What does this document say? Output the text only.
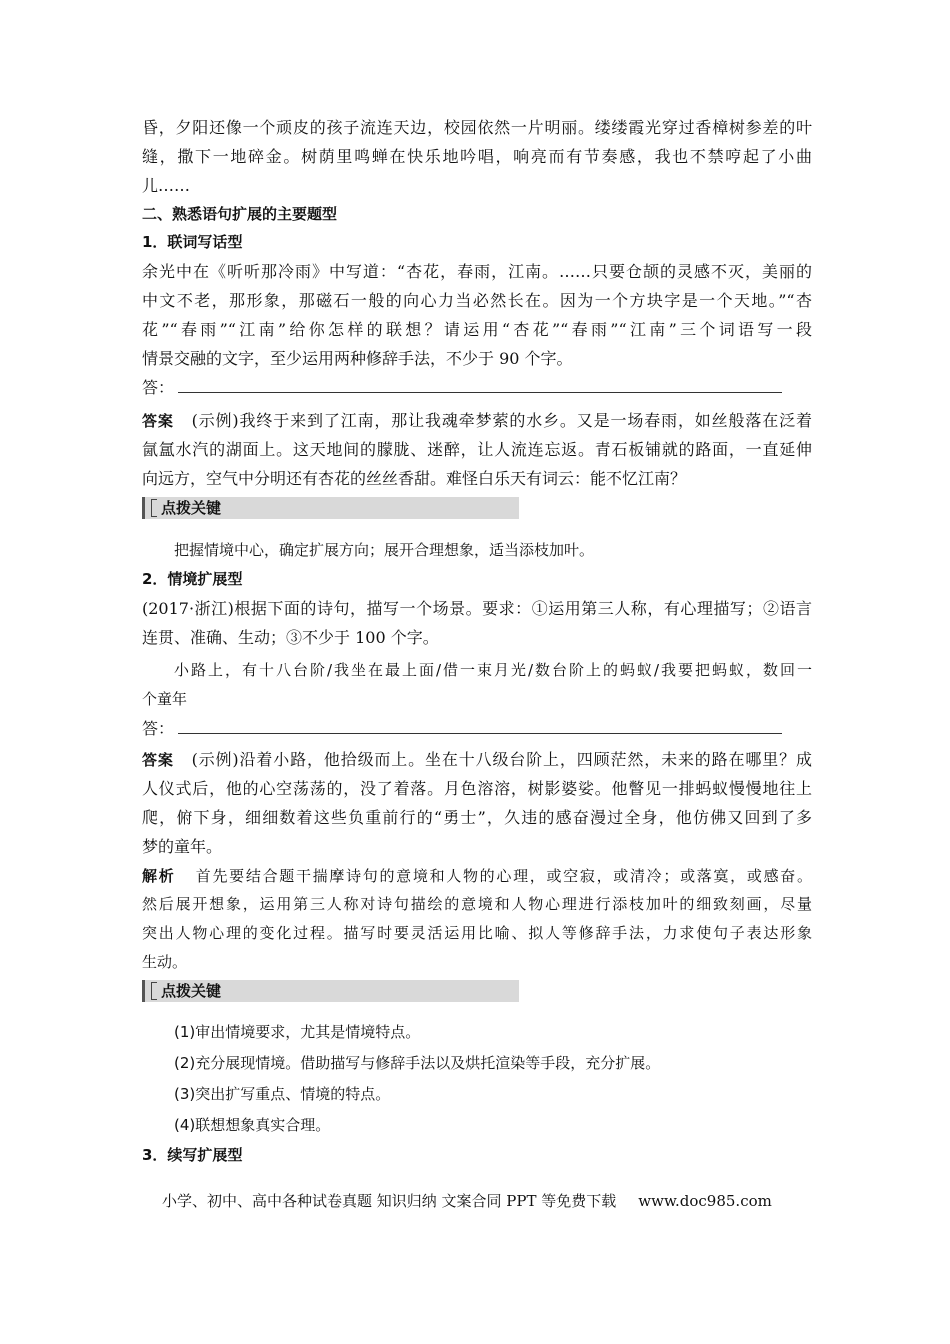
昏，夕阳还像一个顽皮的孩子流连天边，校园依然一片明丽。缕缕霞光穿过香樟树参差的叶
缝，撒下一地碎金。树荫里鸣蝉在快乐地吟唱，响亮而有节奏感，我也不禁哼起了小曲
儿……
二、熟悉语句扩展的主要题型
1．联词写话型
余光中在《听听那冷雨》中写道：“杏花，春雨，江南。……只要仓颉的灵感不灭，美丽的
中文不老，那形象，那磁石一般的向心力当必然长在。因为一个方块字是一个天地。”“杏
花”“春雨”“江南”给你怎样的联想？请运用“杏花”“春雨”“江南”三个词语写一段
情景交融的文字，至少运用两种修辞手法，不少于 90 个字。
答：
答案 (示例)我终于来到了江南，那让我魂牵梦萦的水乡。又是一场春雨，如丝般落在泛着
氤氲水汽的湖面上。这天地间的朦胧、迷醉，让人流连忘返。青石板铺就的路面，一直延伸
向远方，空气中分明还有杏花的丝丝香甜。难怪白乐天有词云：能不忆江南？
点拨关键
把握情境中心，确定扩展方向；展开合理想象，适当添枝加叶。
2．情境扩展型
(2017·浙江)根据下面的诗句，描写一个场景。要求：①运用第三人称，有心理描写；②语言
连贯、准确、生动；③不少于 100 个字。
小路上，有十八台阶/我坐在最上面/借一束月光/数台阶上的蚂蚁/我要把蚂蚁，数回一
个童年
答：
答案 (示例)沿着小路，他拾级而上。坐在十八级台阶上，四顾茫然，未来的路在哪里？成
人仪式后，他的心空荡荡的，没了着落。月色溶溶，树影婆娑。他瞥见一排蚂蚁慢慢地往上
爬，俯下身，细细数着这些负重前行的“勇士”，久违的感奋漫过全身，他仿佛又回到了多
梦的童年。
解析 首先要结合题干揣摩诗句的意境和人物的心理，或空寂，或清冷；或落寞，或感奋。
然后展开想象，运用第三人称对诗句描绘的意境和人物心理进行添枝加叶的细致刻画，尽量
突出人物心理的变化过程。描写时要灵活运用比喻、拟人等修辞手法，力求使句子表达形象
生动。
点拨关键
(1)审出情境要求，尤其是情境特点。
(2)充分展现情境。借助描写与修辞手法以及烘托渲染等手段，充分扩展。
(3)突出扩写重点、情境的特点。
(4)联想想象真实合理。
3．续写扩展型
小学、初中、高中各种试卷真题 知识归纳 文案合同 PPT 等免费下载 www.doc985.com
